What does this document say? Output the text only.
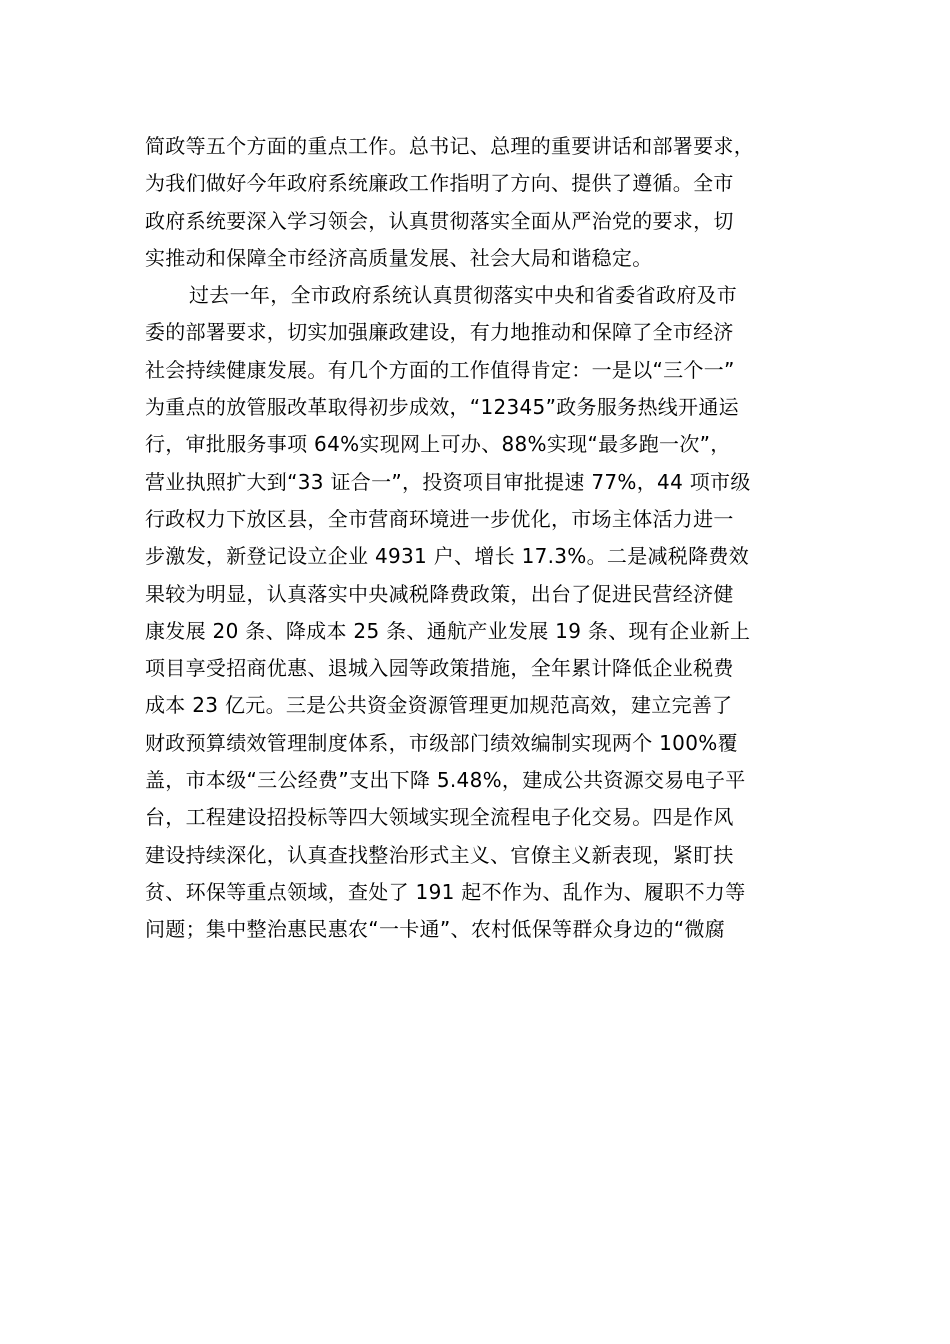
简政等五个方面的重点工作。总书记、总理的重要讲话和部署要求，
为我们做好今年政府系统廉政工作指明了方向、提供了遵循。全市
政府系统要深入学习领会，认真贯彻落实全面从严治党的要求，切
实推动和保障全市经济高质量发展、社会大局和谐稳定。
过去一年，全市政府系统认真贯彻落实中央和省委省政府及市
委的部署要求，切实加强廉政建设，有力地推动和保障了全市经济
社会持续健康发展。有几个方面的工作值得肯定：一是以“三个一”
为重点的放管服改革取得初步成效，“12345”政务服务热线开通运
行，审批服务事项 64%实现网上可办、88%实现“最多跑一次”，
营业执照扩大到“33 证合一”，投资项目审批提速 77%，44 项市级
行政权力下放区县，全市营商环境进一步优化，市场主体活力进一
步激发，新登记设立企业 4931 户、增长 17.3%。二是减税降费效
果较为明显，认真落实中央减税降费政策，出台了促进民营经济健
康发展 20 条、降成本 25 条、通航产业发展 19 条、现有企业新上
项目享受招商优惠、退城入园等政策措施，全年累计降低企业税费
成本 23 亿元。三是公共资金资源管理更加规范高效，建立完善了
财政预算绩效管理制度体系，市级部门绩效编制实现两个 100%覆
盖，市本级“三公经费”支出下降 5.48%，建成公共资源交易电子平
台，工程建设招投标等四大领域实现全流程电子化交易。四是作风
建设持续深化，认真查找整治形式主义、官僚主义新表现，紧盯扶
贫、环保等重点领域，查处了 191 起不作为、乱作为、履职不力等
问题；集中整治惠民惠农“一卡通”、农村低保等群众身边的“微腐
